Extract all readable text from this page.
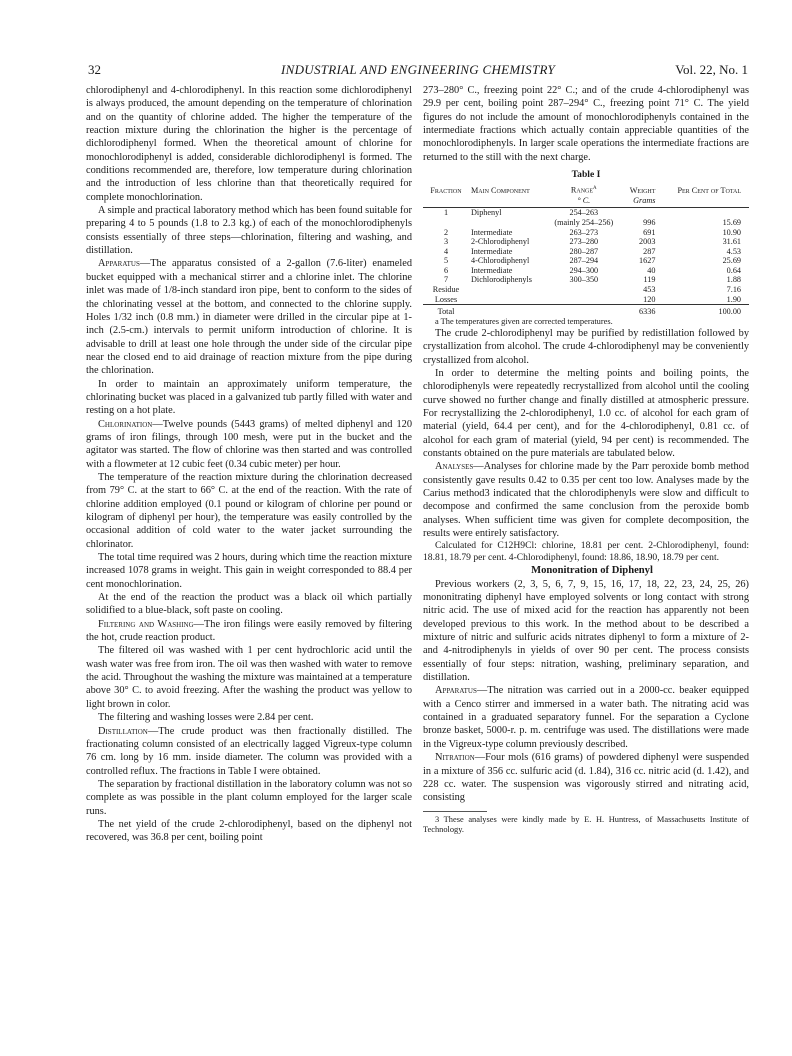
32	INDUSTRIAL AND ENGINEERING CHEMISTRY	Vol. 22, No. 1

chlorodiphenyl and 4-chlorodiphenyl. In this reaction some dichlorodiphenyl is always produced, the amount depending on the temperature of chlorination and on the quantity of chlorine added. The higher the temperature of the reaction mixture during the chlorination the higher is the percentage of dichlorodiphenyl formed. When the theoretical amount of chlorine for monochlorodiphenyl is added, considerable dichlorodiphenyl is formed. The conditions recommended are, therefore, low temperature during chlorination and the introduction of less chlorine than that theoretically required for complete monochlorination.

A simple and practical laboratory method which has been found suitable for preparing 4 to 5 pounds (1.8 to 2.3 kg.) of each of the monochlorodiphenyls consists essentially of three steps—chlorination, filtering and washing, and distillation.

Apparatus—The apparatus consisted of a 2-gallon (7.6-liter) enameled bucket equipped with a mechanical stirrer and a chlorine inlet. The chlorine inlet was made of 1/8-inch standard iron pipe, bent to conform to the sides of the chlorinating vessel at the bottom, and connected to the chlorine supply. Holes 1/32 inch (0.8 mm.) in diameter were drilled in the circular pipe at 1-inch (2.5-cm.) intervals to permit uniform introduction of chlorine. It is advisable to drill at least one hole through the under side of the circular pipe near the closed end to aid drainage of reaction mixture from the pipe during the chlorination.

In order to maintain an approximately uniform temperature, the chlorinating bucket was placed in a galvanized tub partly filled with water and resting on a hot plate.

Chlorination—Twelve pounds (5443 grams) of melted diphenyl and 120 grams of iron filings, through 100 mesh, were put in the bucket and the agitator was started. The flow of chlorine was then started and was controlled with a flowmeter at 12 cubic feet (0.34 cubic meter) per hour.

The temperature of the reaction mixture during the chlorination decreased from 79° C. at the start to 66° C. at the end of the reaction. With the rate of chlorine addition employed (0.1 pound or kilogram of chlorine per pound or kilogram of diphenyl per hour), the temperature was easily controlled by the occasional addition of cold water to the water jacket surrounding the chlorinator.

The total time required was 2 hours, during which time the reaction mixture increased 1078 grams in weight. This gain in weight corresponded to 88.4 per cent monochlorination.

At the end of the reaction the product was a black oil which partially solidified to a blue-black, soft paste on cooling.

Filtering and Washing—The iron filings were easily removed by filtering the hot, crude reaction product.

The filtered oil was washed with 1 per cent hydrochloric acid until the wash water was free from iron. The oil was then washed with water to remove the acid. Throughout the washing the mixture was maintained at a temperature above 30° C. to avoid freezing. After the washing the product was yellow to light brown in color.

The filtering and washing losses were 2.84 per cent.

Distillation—The crude product was then fractionally distilled. The fractionating column consisted of an electrically lagged Vigreux-type column 76 cm. long by 16 mm. inside diameter. The column was provided with a controlled reflux. The fractions in Table I were obtained.

The separation by fractional distillation in the laboratory column was not so complete as was possible in the plant column employed for the larger scale runs.

The net yield of the crude 2-chlorodiphenyl, based on the diphenyl not recovered, was 36.8 per cent, boiling point

273–280° C., freezing point 22° C.; and of the crude 4-chlorodiphenyl was 29.9 per cent, boiling point 287–294° C., freezing point 71° C. The yield figures do not include the amount of monochlorodiphenyls contained in the intermediate fractions which actually contain appreciable quantities of the monochlorodiphenyls. In larger scale operations the intermediate fractions are returned to the still with the next charge.

Table I
Fraction	Main Component	Range$^a$	Weight	Per Cent of Total
		° C.	Grams	
1	Diphenyl	254–263		
		(mainly 254–256)	996	15.69
2	Intermediate	263–273	691	10.90
3	2-Chlorodiphenyl	273–280	2003	31.61
4	Intermediate	280–287	287	4.53
5	4-Chlorodiphenyl	287–294	1627	25.69
6	Intermediate	294–300	40	0.64
7	Dichlorodiphenyls	300–350	119	1.88
Residue			453	7.16
Losses			120	1.90
Total			6336	100.00

a The temperatures given are corrected temperatures.

The crude 2-chlorodiphenyl may be purified by redistillation followed by crystallization from alcohol. The crude 4-chlorodiphenyl may be conveniently crystallized from alcohol.

In order to determine the melting points and boiling points, the chlorodiphenyls were repeatedly recrystallized from alcohol until the cooling curve showed no further change and finally distilled at atmospheric pressure. For recrystallizing the 2-chlorodiphenyl, 1.0 cc. of alcohol for each gram of material (yield, 64.4 per cent), and for the 4-chlorodiphenyl, 0.81 cc. of alcohol for each gram of material (yield, 94 per cent) is recommended. The constants obtained on the pure materials are tabulated below.

Analyses—Analyses for chlorine made by the Parr peroxide bomb method consistently gave results 0.42 to 0.35 per cent too low. Analyses made by the Carius method3 indicated that the chlorodiphenyls were slow and difficult to decompose and confirmed the same conclusion from the peroxide bomb analyses. When sufficient time was given for complete decomposition, the results were entirely satisfactory.

Calculated for C12H9Cl: chlorine, 18.81 per cent. 2-Chlorodiphenyl, found: 18.81, 18.79 per cent. 4-Chlorodiphenyl, found: 18.86, 18.90, 18.79 per cent.

Mononitration of Diphenyl

Previous workers (2, 3, 5, 6, 7, 9, 15, 16, 17, 18, 22, 23, 24, 25, 26) mononitrating diphenyl have employed solvents or long contact with strong nitric acid. The use of mixed acid for the reaction has apparently not been developed previous to this work. In the method about to be described a mixture of nitric and sulfuric acids nitrates diphenyl to form a mixture of 2- and 4-nitrodiphenyls in yields of over 90 per cent. The process consists essentially of four steps: nitration, washing, preliminary separation, and distillation.

Apparatus—The nitration was carried out in a 2000-cc. beaker equipped with a Cenco stirrer and immersed in a water bath. The nitrating acid was contained in a graduated separatory funnel. For the separation a Cyclone bronze basket, 5000-r. p. m. centrifuge was used. The distillations were made in the Vigreux-type column previously described.

Nitration—Four mols (616 grams) of powdered diphenyl were suspended in a mixture of 356 cc. sulfuric acid (d. 1.84), 316 cc. nitric acid (d. 1.42), and 228 cc. water. The suspension was vigorously stirred and nitrating acid, consisting

3 These analyses were kindly made by E. H. Huntress, of Massachusetts Institute of Technology.
